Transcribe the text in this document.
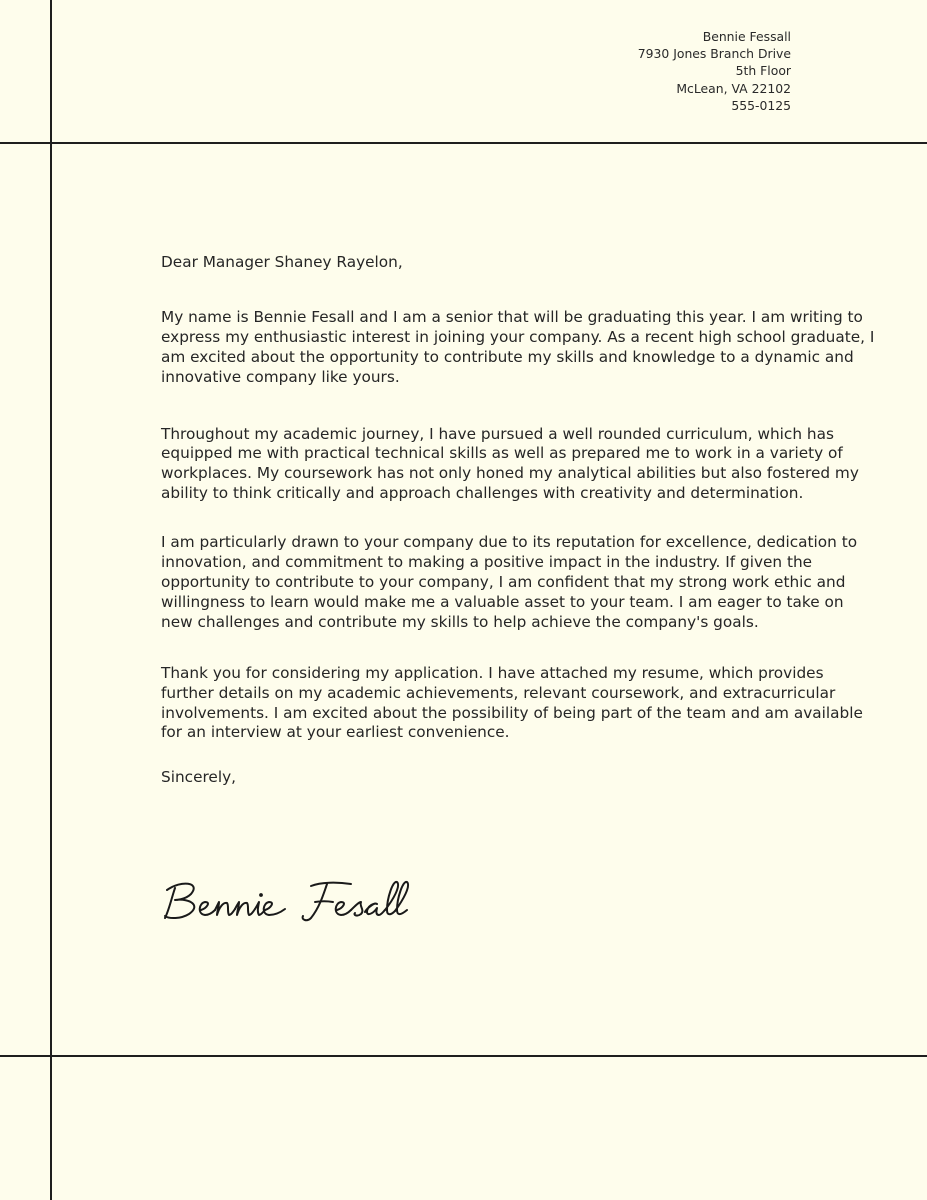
Bennie Fessall
7930 Jones Branch Drive
5th Floor
McLean, VA 22102
555-0125

Dear Manager Shaney Rayelon,

My name is Bennie Fesall and I am a senior that will be graduating this year. I am writing to express my enthusiastic interest in joining your company. As a recent high school graduate, I am excited about the opportunity to contribute my skills and knowledge to a dynamic and innovative company like yours.

Throughout my academic journey, I have pursued a well rounded curriculum, which has equipped me with practical technical skills as well as prepared me to work in a variety of workplaces. My coursework has not only honed my analytical abilities but also fostered my ability to think critically and approach challenges with creativity and determination.

I am particularly drawn to your company due to its reputation for excellence, dedication to innovation, and commitment to making a positive impact in the industry. If given the opportunity to contribute to your company, I am confident that my strong work ethic and willingness to learn would make me a valuable asset to your team. I am eager to take on new challenges and contribute my skills to help achieve the company's goals.

Thank you for considering my application. I have attached my resume, which provides further details on my academic achievements, relevant coursework, and extracurricular involvements. I am excited about the possibility of being part of the team and am available for an interview at your earliest convenience.

Sincerely,
